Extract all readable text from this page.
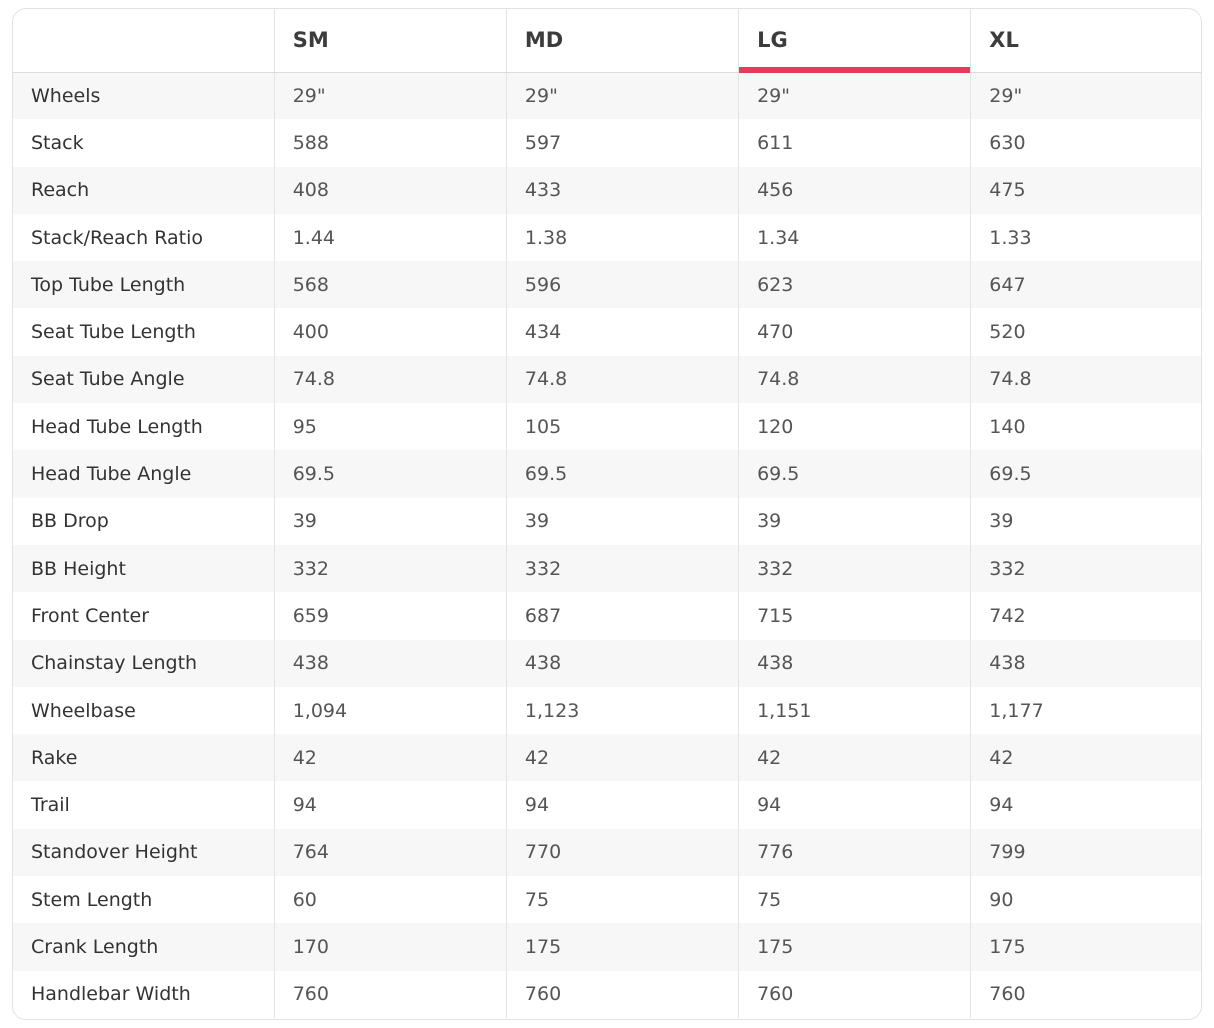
	SM	MD	LG	XL
Wheels	29"	29"	29"	29"
Stack	588	597	611	630
Reach	408	433	456	475
Stack/Reach Ratio	1.44	1.38	1.34	1.33
Top Tube Length	568	596	623	647
Seat Tube Length	400	434	470	520
Seat Tube Angle	74.8	74.8	74.8	74.8
Head Tube Length	95	105	120	140
Head Tube Angle	69.5	69.5	69.5	69.5
BB Drop	39	39	39	39
BB Height	332	332	332	332
Front Center	659	687	715	742
Chainstay Length	438	438	438	438
Wheelbase	1,094	1,123	1,151	1,177
Rake	42	42	42	42
Trail	94	94	94	94
Standover Height	764	770	776	799
Stem Length	60	75	75	90
Crank Length	170	175	175	175
Handlebar Width	760	760	760	760
